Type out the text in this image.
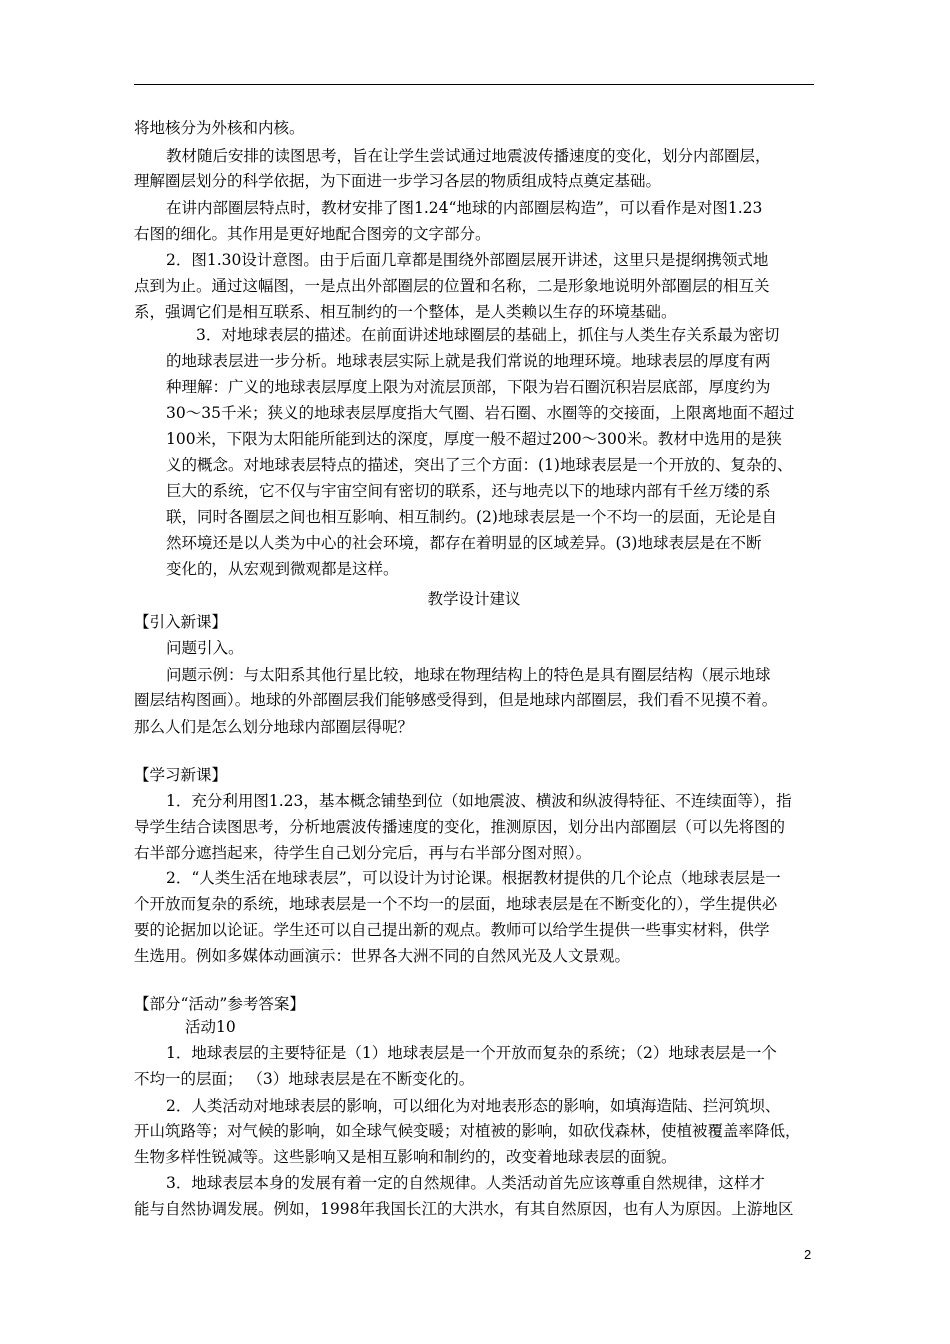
将地核分为外核和内核。
教材随后安排的读图思考，旨在让学生尝试通过地震波传播速度的变化，划分内部圈层，
理解圈层划分的科学依据，为下面进一步学习各层的物质组成特点奠定基础。
在讲内部圈层特点时，教材安排了图1.24“地球的内部圈层构造”，可以看作是对图1.23
右图的细化。其作用是更好地配合图旁的文字部分。
2．图1.30设计意图。由于后面几章都是围绕外部圈层展开讲述，这里只是提纲携领式地
点到为止。通过这幅图，一是点出外部圈层的位置和名称，二是形象地说明外部圈层的相互关
系，强调它们是相互联系、相互制约的一个整体，是人类赖以生存的环境基础。
3．对地球表层的描述。在前面讲述地球圈层的基础上，抓住与人类生存关系最为密切
的地球表层进一步分析。地球表层实际上就是我们常说的地理环境。地球表层的厚度有两
种理解：广义的地球表层厚度上限为对流层顶部，下限为岩石圈沉积岩层底部，厚度约为
30～35千米；狭义的地球表层厚度指大气圈、岩石圈、水圈等的交接面，上限离地面不超过
100米，下限为太阳能所能到达的深度，厚度一般不超过200～300米。教材中选用的是狭
义的概念。对地球表层特点的描述，突出了三个方面：(1)地球表层是一个开放的、复杂的、
巨大的系统，它不仅与宇宙空间有密切的联系，还与地壳以下的地球内部有千丝万缕的系
联，同时各圈层之间也相互影响、相互制约。(2)地球表层是一个不均一的层面，无论是自
然环境还是以人类为中心的社会环境，都存在着明显的区域差异。(3)地球表层是在不断
变化的，从宏观到微观都是这样。
教学设计建议
【引入新课】
问题引入。
问题示例：与太阳系其他行星比较，地球在物理结构上的特色是具有圈层结构（展示地球
圈层结构图画）。地球的外部圈层我们能够感受得到，但是地球内部圈层，我们看不见摸不着。
那么人们是怎么划分地球内部圈层得呢？
【学习新课】
1．充分利用图1.23，基本概念铺垫到位（如地震波、横波和纵波得特征、不连续面等），指
导学生结合读图思考，分析地震波传播速度的变化，推测原因，划分出内部圈层（可以先将图的
右半部分遮挡起来，待学生自己划分完后，再与右半部分图对照）。
2．“人类生活在地球表层”，可以设计为讨论课。根据教材提供的几个论点（地球表层是一
个开放而复杂的系统，地球表层是一个不均一的层面，地球表层是在不断变化的），学生提供必
要的论据加以论证。学生还可以自己提出新的观点。教师可以给学生提供一些事实材料，供学
生选用。例如多媒体动画演示：世界各大洲不同的自然风光及人文景观。
【部分“活动”参考答案】
活动10
1．地球表层的主要特征是（1）地球表层是一个开放而复杂的系统；（2）地球表层是一个
不均一的层面； （3）地球表层是在不断变化的。
2．人类活动对地球表层的影响，可以细化为对地表形态的影响，如填海造陆、拦河筑坝、
开山筑路等；对气候的影响，如全球气候变暖；对植被的影响，如砍伐森林，使植被覆盖率降低，
生物多样性锐减等。这些影响又是相互影响和制约的，改变着地球表层的面貌。
3．地球表层本身的发展有着一定的自然规律。人类活动首先应该尊重自然规律，这样才
能与自然协调发展。例如，1998年我国长江的大洪水，有其自然原因，也有人为原因。上游地区
2
